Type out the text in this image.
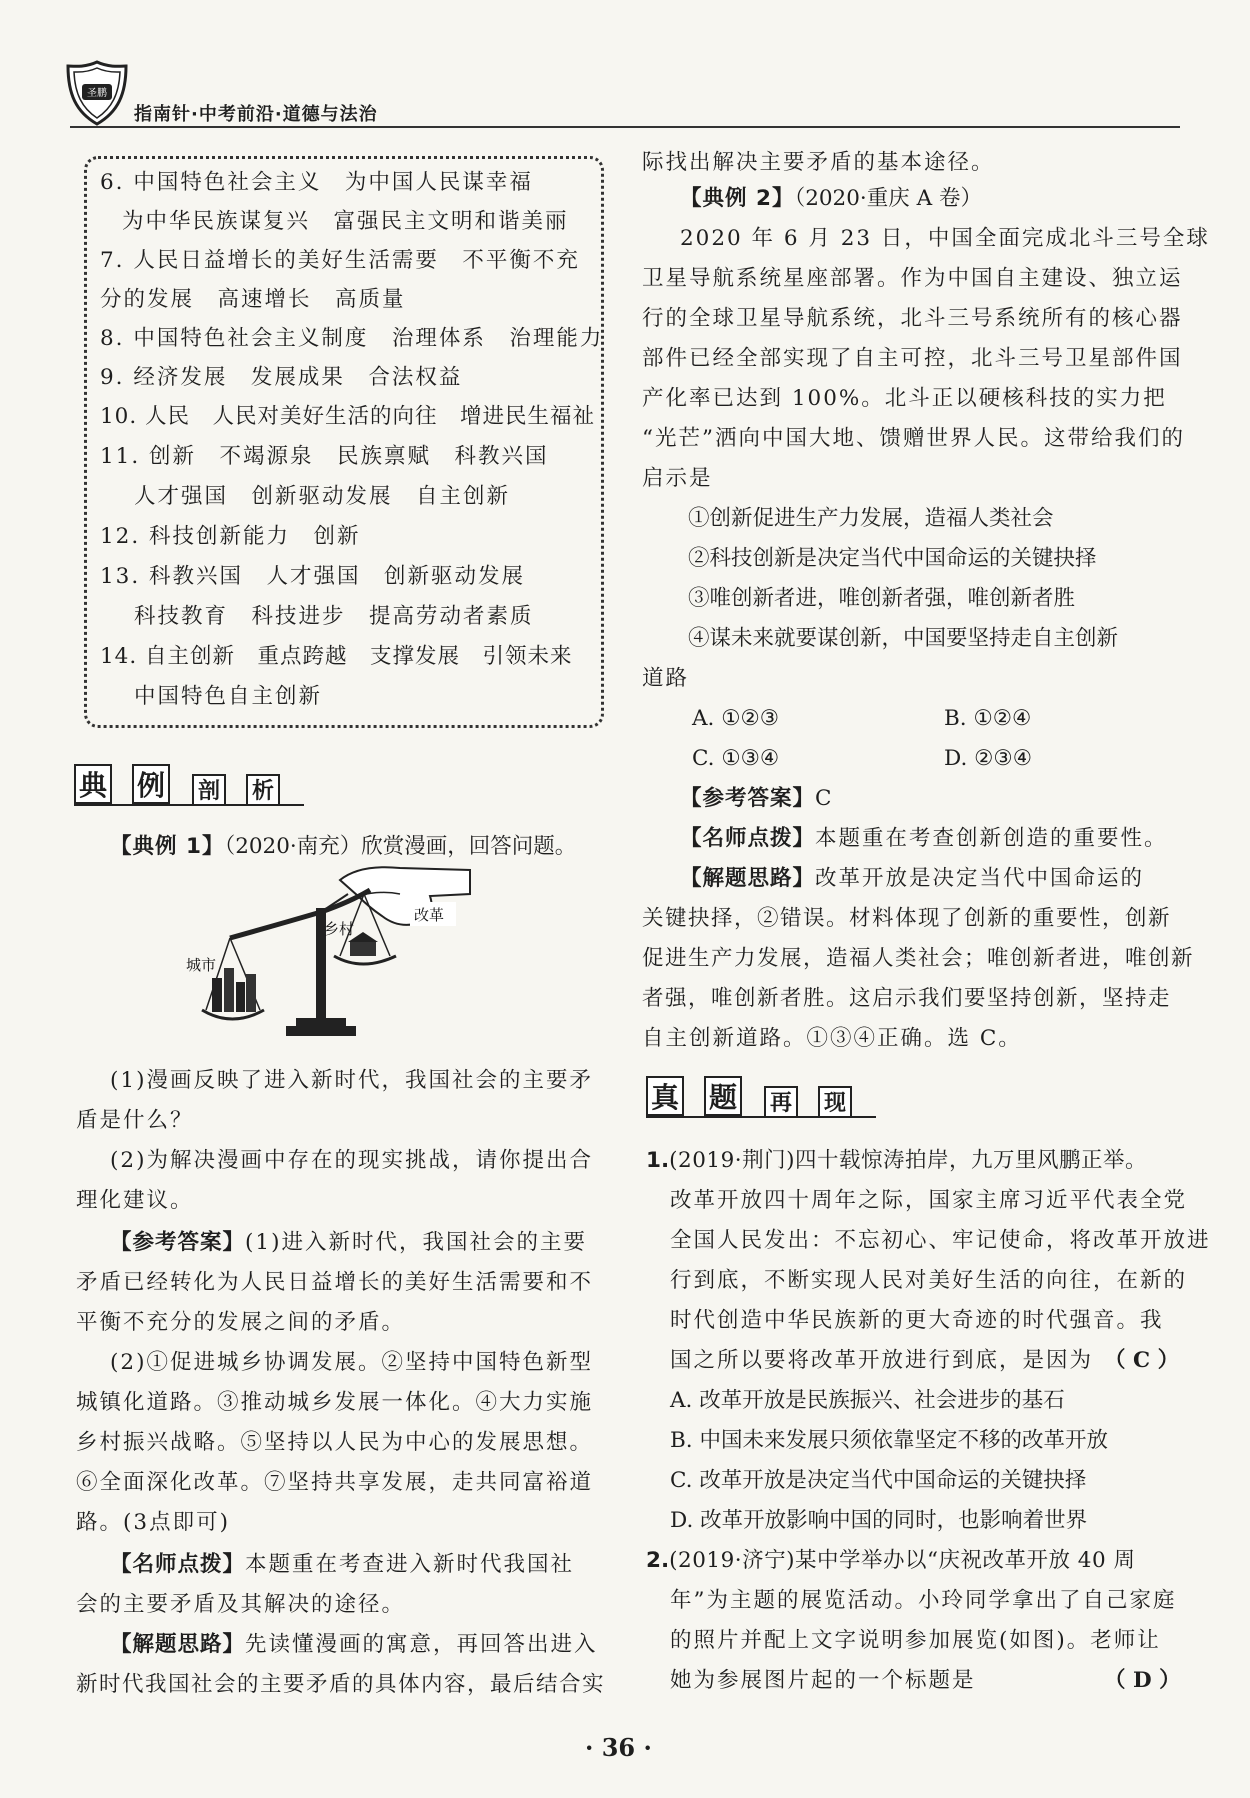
圣鹏
指南针·中考前沿·道德与法治
6. 中国特色社会主义　为中国人民谋幸福
为中华民族谋复兴　富强民主文明和谐美丽
7. 人民日益增长的美好生活需要　不平衡不充
分的发展　高速增长　高质量
8. 中国特色社会主义制度　治理体系　治理能力
9. 经济发展　发展成果　合法权益
10. 人民　人民对美好生活的向往　增进民生福祉
11. 创新　不竭源泉　民族禀赋　科教兴国
人才强国　创新驱动发展　自主创新
12. 科技创新能力　创新
13. 科教兴国　人才强国　创新驱动发展
科技教育　科技进步　提高劳动者素质
14. 自主创新　重点跨越　支撑发展　引领未来
中国特色自主创新
典 例 剖 析
【典例 1】（2020·南充）欣赏漫画，回答问题。
改革
城市
乡村
(1)漫画反映了进入新时代，我国社会的主要矛
盾是什么？
(2)为解决漫画中存在的现实挑战，请你提出合
理化建议。
【参考答案】(1)进入新时代，我国社会的主要
矛盾已经转化为人民日益增长的美好生活需要和不
平衡不充分的发展之间的矛盾。
(2)①促进城乡协调发展。②坚持中国特色新型
城镇化道路。③推动城乡发展一体化。④大力实施
乡村振兴战略。⑤坚持以人民为中心的发展思想。
⑥全面深化改革。⑦坚持共享发展，走共同富裕道
路。(3点即可)
【名师点拨】本题重在考查进入新时代我国社
会的主要矛盾及其解决的途径。
【解题思路】先读懂漫画的寓意，再回答出进入
新时代我国社会的主要矛盾的具体内容，最后结合实
际找出解决主要矛盾的基本途径。
【典例 2】（2020·重庆 A 卷）
2020 年 6 月 23 日，中国全面完成北斗三号全球
卫星导航系统星座部署。作为中国自主建设、独立运
行的全球卫星导航系统，北斗三号系统所有的核心器
部件已经全部实现了自主可控，北斗三号卫星部件国
产化率已达到 100%。北斗正以硬核科技的实力把
“光芒”洒向中国大地、馈赠世界人民。这带给我们的
启示是
①创新促进生产力发展，造福人类社会
②科技创新是决定当代中国命运的关键抉择
③唯创新者进，唯创新者强，唯创新者胜
④谋未来就要谋创新，中国要坚持走自主创新
道路
A. ①②③	B. ①②④
C. ①③④	D. ②③④
【参考答案】C
【名师点拨】本题重在考查创新创造的重要性。
【解题思路】改革开放是决定当代中国命运的
关键抉择，②错误。材料体现了创新的重要性，创新
促进生产力发展，造福人类社会；唯创新者进，唯创新
者强，唯创新者胜。这启示我们要坚持创新，坚持走
自主创新道路。①③④正确。选 C。
真 题 再 现
1.(2019·荆门)四十载惊涛拍岸，九万里风鹏正举。
改革开放四十周年之际，国家主席习近平代表全党
全国人民发出：不忘初心、牢记使命，将改革开放进
行到底，不断实现人民对美好生活的向往，在新的
时代创造中华民族新的更大奇迹的时代强音。我
国之所以要将改革开放进行到底，是因为 （ C ）
A. 改革开放是民族振兴、社会进步的基石
B. 中国未来发展只须依靠坚定不移的改革开放
C. 改革开放是决定当代中国命运的关键抉择
D. 改革开放影响中国的同时，也影响着世界
2.(2019·济宁)某中学举办以“庆祝改革开放 40 周
年”为主题的展览活动。小玲同学拿出了自己家庭
的照片并配上文字说明参加展览(如图)。老师让
她为参展图片起的一个标题是	（ D ）
· 36 ·
